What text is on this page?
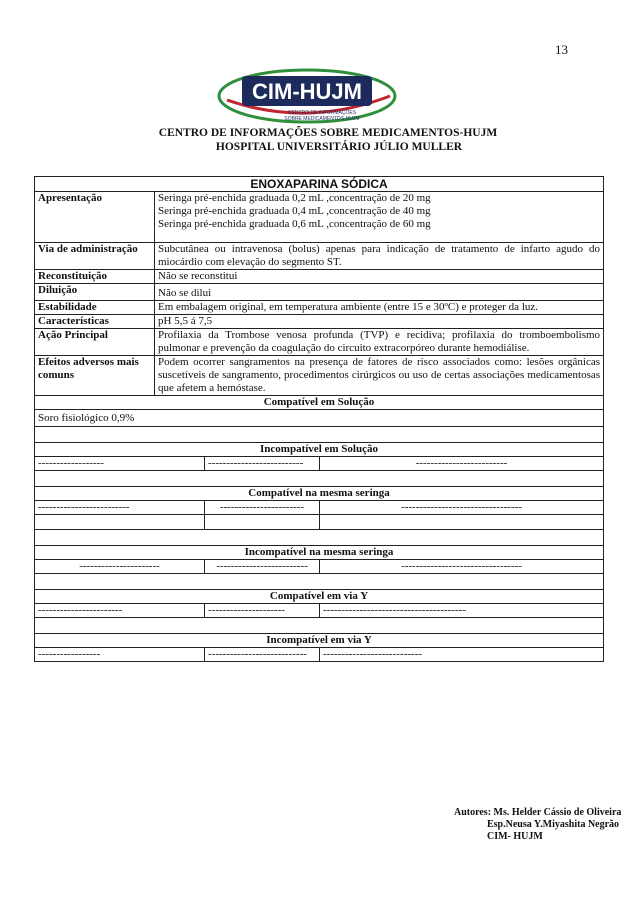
13
CIM-HUJM
CENTRO DE INFORMAÇÕES
SOBRE MEDICAMENTOS-HUJM
CENTRO DE INFORMAÇÕES SOBRE MEDICAMENTOS-HUJM
HOSPITAL UNIVERSITÁRIO JÚLIO MULLER
ENOXAPARINA SÓDICA			
Apresentação	Seringa pré-enchida graduada 0,2 mL ,concentração de 20 mg
Seringa pré-enchida graduada 0,4 mL ,concentração de 40 mg
Seringa pré-enchida graduada 0,6 mL ,concentração de 60 mg		

Via de administração	Subcutânea ou intravenosa (bolus) apenas para indicação de tratamento de infarto agudo do miocárdio com elevação do segmento ST.		
Reconstituição	Não se reconstitui		
Diluição	Não se dilui		
Estabilidade	Em embalagem original, em temperatura ambiente (entre 15 e 30ºC) e proteger da luz.		
Características	pH 5,5 á 7,5		
Ação Principal	Profilaxia da Trombose venosa profunda (TVP) e recidiva; profilaxia do tromboembolismo pulmonar e prevenção da coagulação do circuito extracorpóreo durante hemodiálise.		
Efeitos adversos mais comuns	Podem ocorrer sangramentos na presença de fatores de risco associados como: lesões orgânicas suscetíveis de sangramento, procedimentos cirúrgicos ou uso de certas associações medicamentosas que afetem a hemóstase.		
Compatível em Solução			
Soro fisiológico 0,9%			

Incompatível em Solução			
------------------		--------------------------	-------------------------

Compatível na mesma seringa			
-------------------------		-----------------------	---------------------------------

Incompatível na mesma seringa			
----------------------		-------------------------	---------------------------------

Compatível em via Y			
-----------------------		---------------------	---------------------------------------

Incompatível em via Y			
-----------------		---------------------------	---------------------------
Autores: Ms. Helder Cássio de Oliveira
Esp.Neusa Y.Miyashita Negrão
CIM- HUJM
